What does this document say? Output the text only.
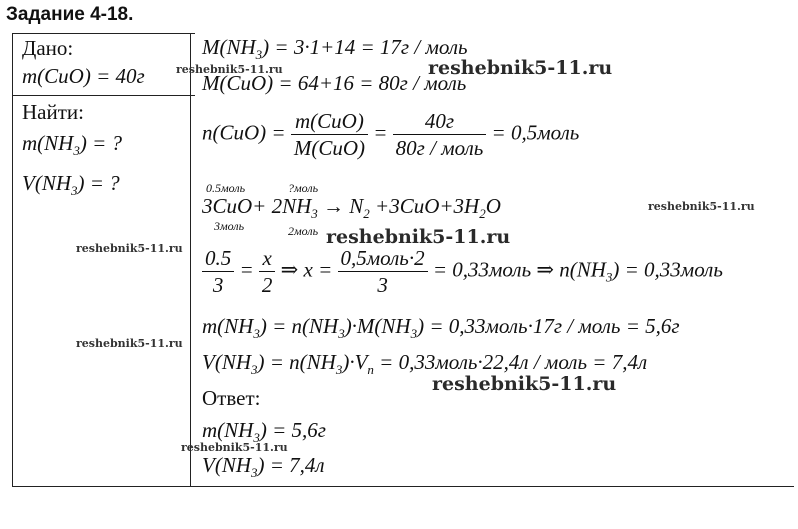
Задание 4-18.
Дано:
m(CuO) = 40г
Найти:
$m(NH_3)$ = ?
$V(NH_3)$ = ?
$M(NH_3) = 3\cdot 1+14 = 17г$ / моль
M(CuO) = 64+16 = 80г / моль
$n(CuO) = \frac{\text{m(CuO)}}{\text{M(CuO)}} = \frac{40г}{\text{80г / моль}}$ = 0,5моль
0.5моль	?моль
$3CuO+ 2NH_3 \to N_2 +3CuO+3H_2O$
3моль	2моль
$\frac{0.5}{3} = \frac{x}{2}$ ⇒ $x = \frac{\text{0,5моль·2}}{3}$ = 0,33моль ⇒ $n(NH_3)$ = 0,33моль
$m(NH_3) = n(NH_3)\cdot M(NH_3)$ = 0,33моль·17г / моль = 5,6г
$V(NH_3) = n(NH_3)\cdot V_n$ = 0,33моль·22,4л / моль = 7,4л
Ответ:
$m(NH_3) = 5,6г$
$V(NH_3) = 7,4л$
reshebnik5-11.ru	reshebnik5-11.ru
reshebnik5-11.ru
reshebnik5-11.ru
reshebnik5-11.ru
reshebnik5-11.ru
reshebnik5-11.ru
reshebnik5-11.ru
